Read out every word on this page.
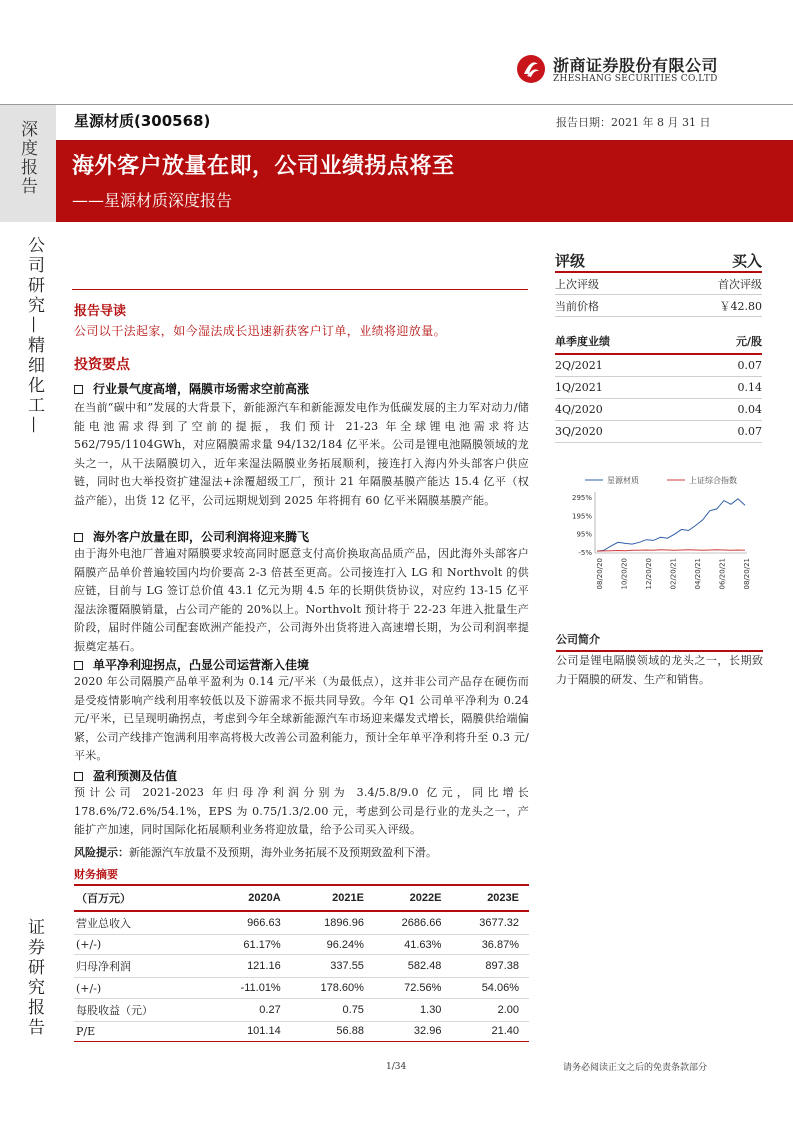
浙商证券股份有限公司
ZHESHANG SECURITIES CO.LTD
深度报告 星源材质(300568)	报告日期：2021 年 8 月 31 日
海外客户放量在即，公司业绩拐点将至
——星源材质深度报告
公司研究—精细化工—
证券研究报告
报告导读
公司以干法起家，如今湿法成长迅速新获客户订单，业绩将迎放量。
投资要点
行业景气度高增，隔膜市场需求空前高涨
在当前“碳中和”发展的大背景下，新能源汽车和新能源发电作为低碳发展的主力军对动力/储能电池需求得到了空前的提振，我们预计 21-23 年全球锂电池需求将达 562/795/1104GWh，对应隔膜需求量 94/132/184 亿平米。公司是锂电池隔膜领域的龙头之一，从干法隔膜切入，近年来湿法隔膜业务拓展顺利，接连打入海内外头部客户供应链，同时也大举投资扩建湿法+涂覆超级工厂，预计 21 年隔膜基膜产能达 15.4 亿平（权益产能），出货 12 亿平，公司远期规划到 2025 年将拥有 60 亿平米隔膜基膜产能。
海外客户放量在即，公司利润将迎来腾飞
由于海外电池厂普遍对隔膜要求较高同时愿意支付高价换取高品质产品，因此海外头部客户隔膜产品单价普遍较国内均价要高 2-3 倍甚至更高。公司接连打入 LG 和 Northvolt 的供应链，目前与 LG 签订总价值 43.1 亿元为期 4.5 年的长期供货协议，对应约 13-15 亿平湿法涂覆隔膜销量，占公司产能的 20%以上。Northvolt 预计将于 22-23 年进入批量生产阶段，届时伴随公司配套欧洲产能投产，公司海外出货将进入高速增长期，为公司利润率提振奠定基石。
单平净利迎拐点，凸显公司运营渐入佳境
2020 年公司隔膜产品单平盈利为 0.14 元/平米（为最低点），这并非公司产品存在硬伤而是受疫情影响产线利用率较低以及下游需求不振共同导致。今年 Q1 公司单平净利为 0.24 元/平米，已呈现明确拐点，考虑到今年全球新能源汽车市场迎来爆发式增长，隔膜供给端偏紧，公司产线排产饱满利用率高将极大改善公司盈利能力，预计全年单平净利将升至 0.3 元/平米。
盈利预测及估值
预计公司 2021-2023 年归母净利润分别为 3.4/5.8/9.0 亿元，同比增长 178.6%/72.6%/54.1%，EPS 为 0.75/1.3/2.00 元，考虑到公司是行业的龙头之一，产能扩产加速，同时国际化拓展顺利业务将迎放量，给予公司买入评级。
风险提示：新能源汽车放量不及预期，海外业务拓展不及预期致盈利下滑。
财务摘要
（百万元）	2020A	2021E	2022E	2023E
营业总收入	966.63	1896.96	2686.66	3677.32
(+/-)	61.17%	96.24%	41.63%	36.87%
归母净利润	121.16	337.55	582.48	897.38
(+/-)	-11.01%	178.60%	72.56%	54.06%
每股收益（元）	0.27	0.75	1.30	2.00
P/E	101.14	56.88	32.96	21.40
评级	买入
上次评级	首次评级
当前价格	￥42.80
单季度业绩	元/股
2Q/2021	0.07
1Q/2021	0.14
4Q/2020	0.04
3Q/2020	0.07
星源材质	上证综合指数
295%
195%
95%
-5%
08/20/20 10/20/20 12/20/20 02/20/21 04/20/21 06/20/21 08/20/21
公司简介
公司是锂电隔膜领域的龙头之一，长期致力于隔膜的研发、生产和销售。
1/34	请务必阅读正文之后的免责条款部分
